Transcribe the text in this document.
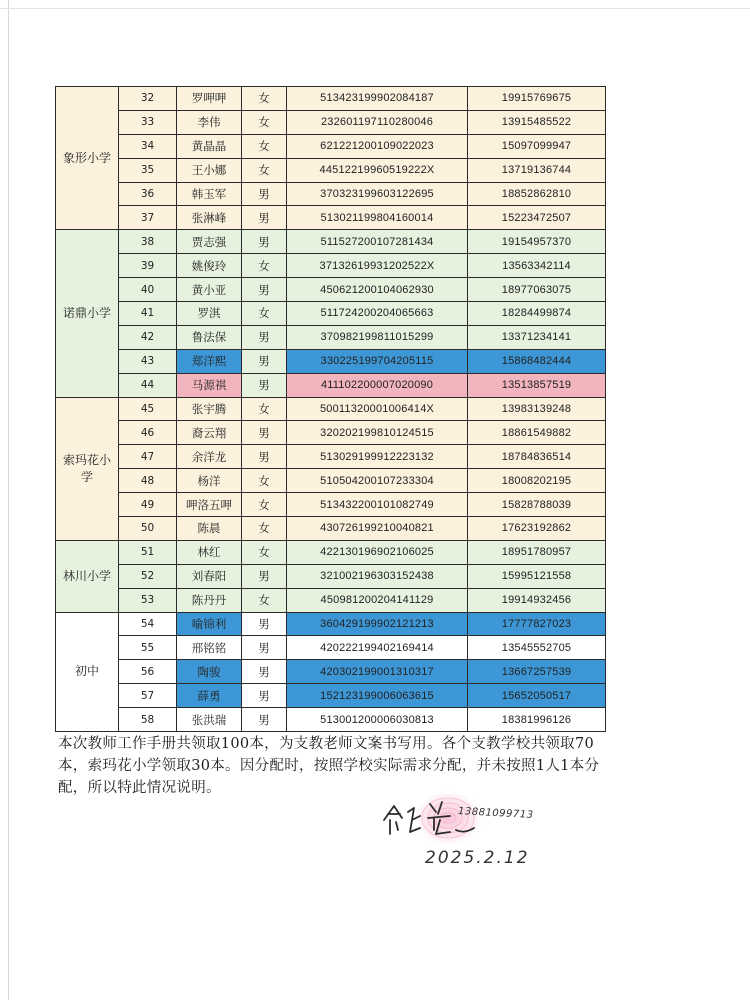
象形小学	32	罗呷呷	女	513423199902084187	19915769675
	33	李伟	女	232601197110280046	13915485522
	34	黄晶晶	女	621221200109022023	15097099947
	35	王小娜	女	44512219960519222X	13719136744
	36	韩玉军	男	370323199603122695	18852862810
	37	张淋峰	男	513021199804160014	15223472507
诺鼎小学	38	贾志强	男	511527200107281434	19154957370
	39	姚俊玲	女	37132619931202522X	13563342114
	40	黄小亚	男	450621200104062930	18977063075
	41	罗淇	女	511724200204065663	18284499874
	42	鲁法保	男	370982199811015299	13371234141
	43	郑洋熙	男	330225199704205115	15868482444
	44	马源祺	男	411102200007020090	13513857519
索玛花小学	45	张宇腾	女	50011320001006414X	13983139248
	46	裔云翔	男	320202199810124515	18861549882
	47	余洋龙	男	513029199912223132	18784836514
	48	杨洋	女	510504200107233304	18008202195
	49	呷洛五呷	女	513432200101082749	15828788039
	50	陈晨	女	430726199210040821	17623192862
林川小学	51	林红	女	422130196902106025	18951780957
	52	刘春阳	男	321002196303152438	15995121558
	53	陈丹丹	女	450981200204141129	19914932456
初中	54	喻锦利	男	360429199902121213	17777827023
	55	邢铭铭	男	420222199402169414	13545552705
	56	陶骏	男	420302199001310317	13667257539
	57	薛勇	男	152123199006063615	15652050517
	58	张洪瑞	男	513001200006030813	18381996126
本次教师工作手册共领取100本，为支教老师文案书写用。各个支教学校共领取70本，索玛花小学领取30本。因分配时，按照学校实际需求分配，并未按照1人1本分配，所以特此情况说明。
13881099713
2025.2.12
